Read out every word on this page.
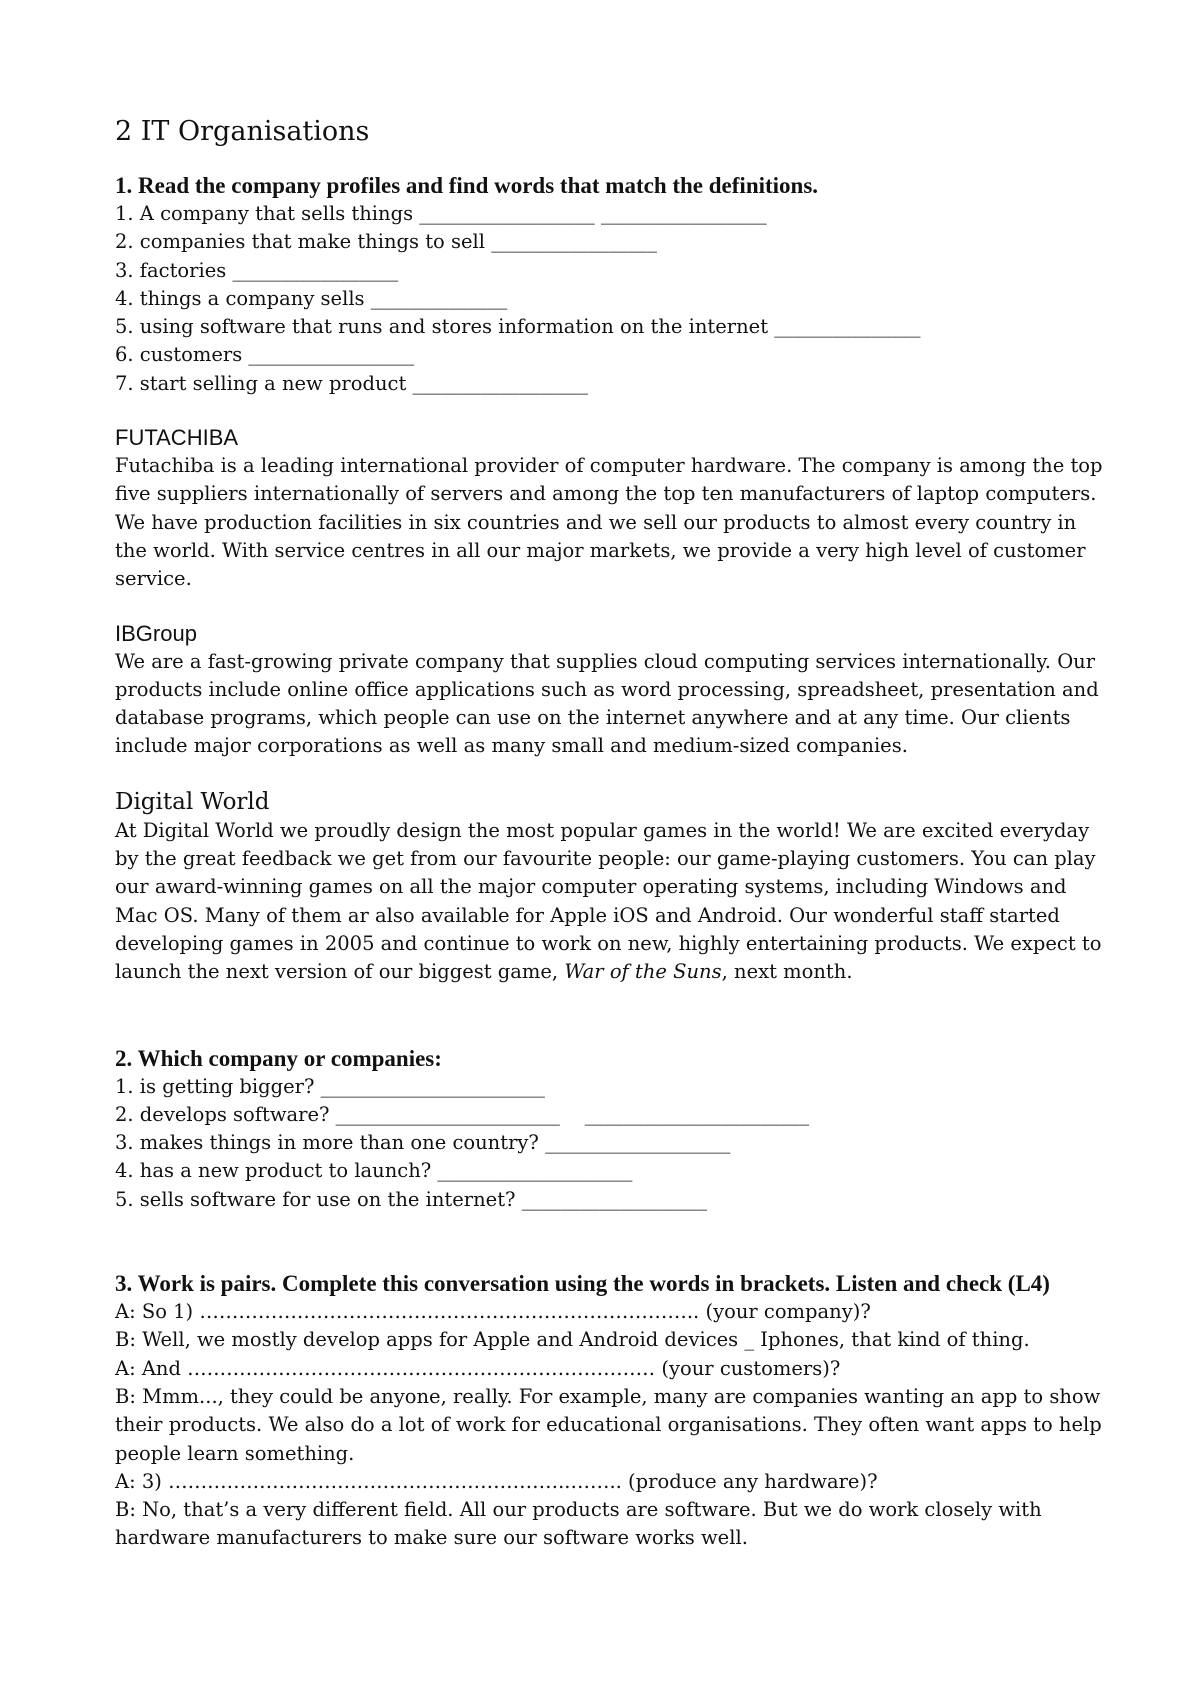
2 IT Organisations

1. Read the company profiles and find words that match the definitions.

1. A company that sells things __________________ _________________

2. companies that make things to sell _________________

3. factories _________________

4. things a company sells ______________

5. using software that runs and stores information on the internet _______________

6. customers _________________

7. start selling a new product __________________

FUTACHIBA

Futachiba is a leading international provider of computer hardware. The company is among the top five suppliers internationally of servers and among the top ten manufacturers of laptop computers. We have production facilities in six countries and we sell our products to almost every country in the world. With service centres in all our major markets, we provide a very high level of customer service.

IBGroup

We are a fast-growing private company that supplies cloud computing services internationally. Our products include online office applications such as word processing, spreadsheet, presentation and database programs, which people can use on the internet anywhere and at any time. Our clients include major corporations as well as many small and medium-sized companies.

Digital World

At Digital World we proudly design the most popular games in the world! We are excited everyday by the great feedback we get from our favourite people: our game-playing customers. You can play our award-winning games on all the major computer operating systems, including Windows and Mac OS. Many of them ar also available for Apple iOS and Android. Our wonderful staff started developing games in 2005 and continue to work on new, highly entertaining products. We expect to launch the next version of our biggest game, War of the Suns, next month.

2. Which company or companies:

1. is getting bigger? _______________________

2. develops software? _______________________    _______________________

3. makes things in more than one country? ___________________

4. has a new product to launch? ____________________

5. sells software for use on the internet? ___________________

3. Work is pairs. Complete this conversation using the words in brackets. Listen and check (L4)

A: So 1) ………………………………………………………………….. (your company)?

B: Well, we mostly develop apps for Apple and Android devices _ Iphones, that kind of thing.

A: And ……………………………………………………………… (your customers)?

B: Mmm..., they could be anyone, really. For example, many are companies wanting an app to show their products. We also do a lot of work for educational organisations. They often want apps to help people learn something.

A: 3) ……………………………………………………..…….. (produce any hardware)?

B: No, that’s a very different field. All our products are software. But we do work closely with hardware manufacturers to make sure our software works well.
